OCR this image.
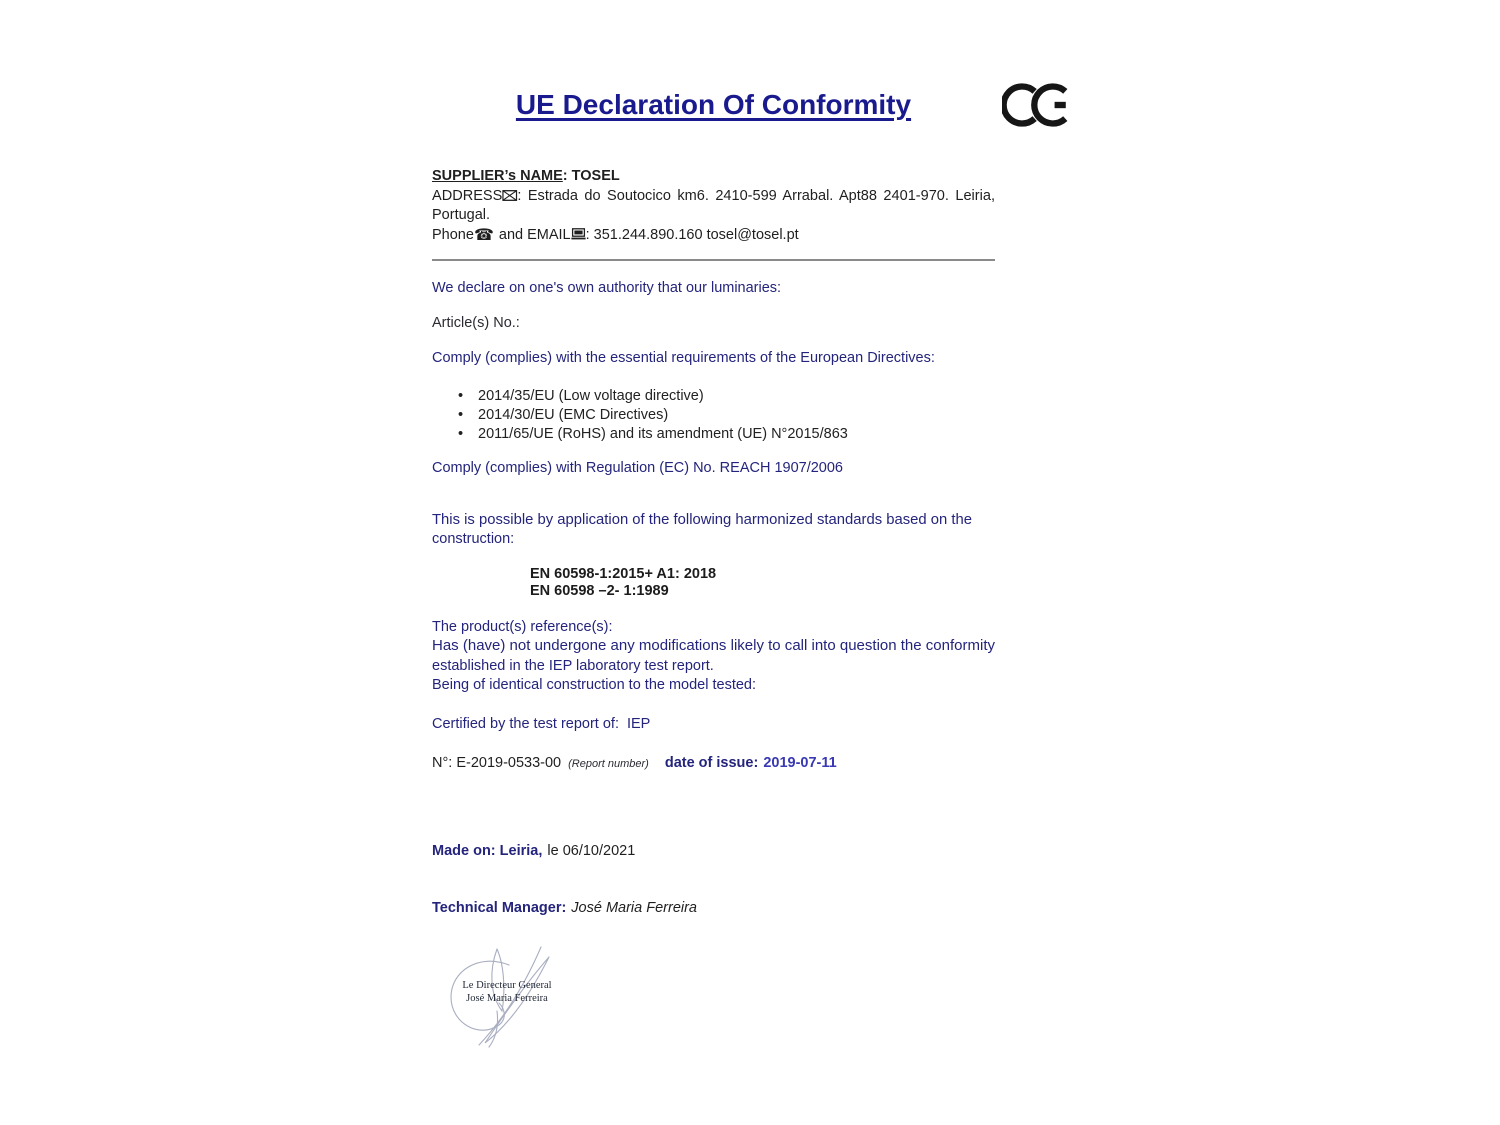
UE Declaration Of Conformity
SUPPLIER’s NAME: TOSEL
ADDRESS : Estrada do Soutocico km6. 2410-599 Arrabal. Apt88 2401-970. Leiria,
Portugal.
Phone☎ and EMAIL : 351.244.890.160 tosel@tosel.pt

We declare on one's own authority that our luminaries:

Article(s) No.:

Comply (complies) with the essential requirements of the European Directives:

• 2014/35/EU (Low voltage directive)
• 2014/30/EU (EMC Directives)
• 2011/65/UE (RoHS) and its amendment (UE) N°2015/863

Comply (complies) with Regulation (EC) No. REACH 1907/2006

This is possible by application of the following harmonized standards based on the
construction:
EN 60598-1:2015+ A1: 2018
EN 60598 –2- 1:1989
The product(s) reference(s):
Has (have) not undergone any modifications likely to call into question the conformity
established in the IEP laboratory test report.
Being of identical construction to the model tested:

Certified by the test report of: IEP

N°: E-2019-0533-00 (Report number) date of issue: 2019-07-11

Made on: Leiria, le 06/10/2021

Technical Manager: José Maria Ferreira

Le Directeur General
José Maria Ferreira
